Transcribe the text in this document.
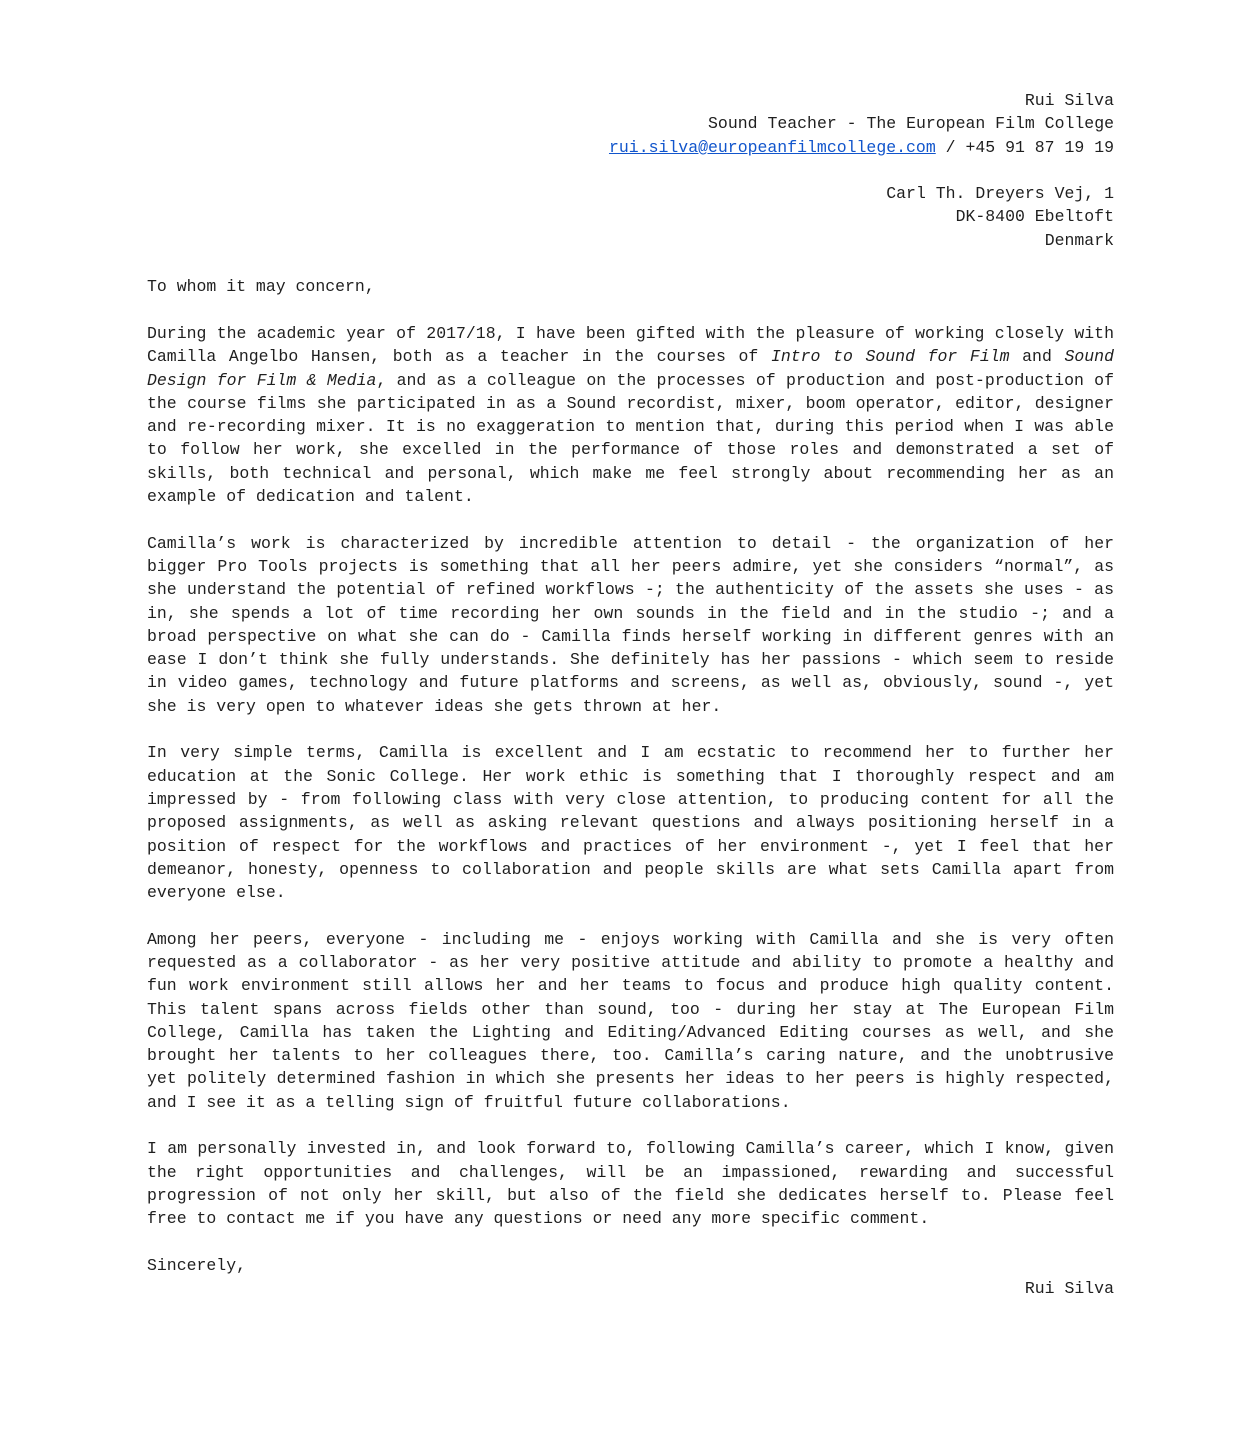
Rui Silva
Sound Teacher - The European Film College
rui.silva@europeanfilmcollege.com / +45 91 87 19 19
Carl Th. Dreyers Vej, 1
DK-8400 Ebeltoft
Denmark

To whom it may concern,

During the academic year of 2017/18, I have been gifted with the pleasure of working closely with Camilla Angelbo Hansen, both as a teacher in the courses of Intro to Sound for Film and Sound Design for Film & Media, and as a colleague on the processes of production and post-production of the course films she participated in as a Sound recordist, mixer, boom operator, editor, designer and re-recording mixer. It is no exaggeration to mention that, during this period when I was able to follow her work, she excelled in the performance of those roles and demonstrated a set of skills, both technical and personal, which make me feel strongly about recommending her as an example of dedication and talent.

Camilla’s work is characterized by incredible attention to detail - the organization of her bigger Pro Tools projects is something that all her peers admire, yet she considers “normal”, as she understand the potential of refined workflows -; the authenticity of the assets she uses - as in, she spends a lot of time recording her own sounds in the field and in the studio -; and a broad perspective on what she can do - Camilla finds herself working in different genres with an ease I don’t think she fully understands. She definitely has her passions - which seem to reside in video games, technology and future platforms and screens, as well as, obviously, sound -, yet she is very open to whatever ideas she gets thrown at her.

In very simple terms, Camilla is excellent and I am ecstatic to recommend her to further her education at the Sonic College. Her work ethic is something that I thoroughly respect and am impressed by - from following class with very close attention, to producing content for all the proposed assignments, as well as asking relevant questions and always positioning herself in a position of respect for the workflows and practices of her environment -, yet I feel that her demeanor, honesty, openness to collaboration and people skills are what sets Camilla apart from everyone else.

Among her peers, everyone - including me - enjoys working with Camilla and she is very often requested as a collaborator - as her very positive attitude and ability to promote a healthy and fun work environment still allows her and her teams to focus and produce high quality content. This talent spans across fields other than sound, too - during her stay at The European Film College, Camilla has taken the Lighting and Editing/Advanced Editing courses as well, and she brought her talents to her colleagues there, too. Camilla’s caring nature, and the unobtrusive yet politely determined fashion in which she presents her ideas to her peers is highly respected, and I see it as a telling sign of fruitful future collaborations.

I am personally invested in, and look forward to, following Camilla’s career, which I know, given the right opportunities and challenges, will be an impassioned, rewarding and successful progression of not only her skill, but also of the field she dedicates herself to. Please feel free to contact me if you have any questions or need any more specific comment.

Sincerely,

Rui Silva
